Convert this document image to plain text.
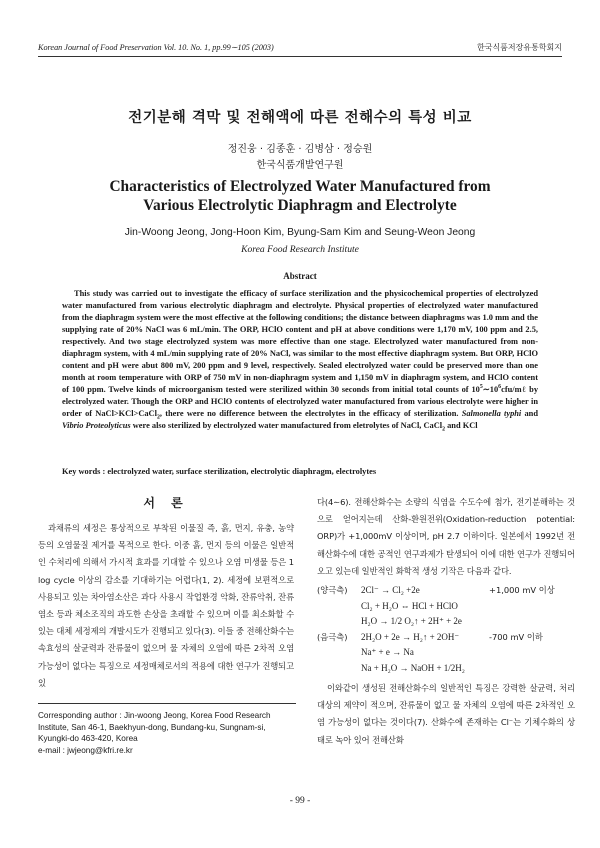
Korean Journal of Food Preservation Vol. 10. No. 1, pp.99∼105 (2003)	한국식품저장유통학회지
전기분해 격막 및 전해액에 따른 전해수의 특성 비교
정진웅 · 김종훈 · 김병삼 · 정승원
한국식품개발연구원
Characteristics of Electrolyzed Water Manufactured from
Various Electrolytic Diaphragm and Electrolyte
Jin-Woong Jeong, Jong-Hoon Kim, Byung-Sam Kim and Seung-Weon Jeong
Korea Food Research Institute
Abstract
This study was carried out to investigate the efficacy of surface sterilization and the physicochemical properties of electrolyzed water manufactured from various electrolytic diaphragm and electrolyte. Physical properties of electrolyzed water manufactured from the diaphragm system were the most effective at the following conditions; the distance between diaphragms was 1.0 mm and the supplying rate of 20% NaCl was 6 mL/min. The ORP, HClO content and pH at above conditions were 1,170 mV, 100 ppm and 2.5, respectively. And two stage electrolyzed system was more effective than one stage. Electrolyzed water manufactured from non-diaphragm system, with 4 mL/min supplying rate of 20% NaCl, was similar to the most effective diaphragm system. But ORP, HClO content and pH were abut 800 mV, 200 ppm and 9 level, respectively. Sealed electrolyzed water could be preserved more than one month at room temperature with ORP of 750 mV in non-diaphragm system and 1,150 mV in diaphragm system, and HClO content of 100 ppm. Twelve kinds of microorganism tested were sterilized within 30 seconds from initial total counts of $10^5\sim 10^6cfu/m\ell$ by electrolyzed water. Though the ORP and HClO contents of electrolyzed water manufactured from various electrolyte were higher in order of NaCl>KCl>CaCl$_2$, there were no difference between the electrolytes in the efficacy of sterilization. Salmonella typhi and Vibrio Proteolyticus were also sterilized by electrolyzed water manufactured from eletrolytes of NaCl, CaCl$_2$ and KCl
Key words : electrolyzed water, surface sterilization, electrolytic diaphragm, electrolytes
서 론

과채류의 세정은 통상적으로 부착된 이물질 즉, 흙, 먼지, 유충, 농약 등의 오염물질 제거를 목적으로 한다. 이중 흙, 먼지 등의 이물은 일반적인 수처리에 의해서 가시적 효과를 기대할 수 있으나 오염 미생물 등은 1 log cycle 이상의 감소를 기대하기는 어렵다(1, 2). 세정에 보편적으로 사용되고 있는 차아염소산은 과다 사용시 작업환경 악화, 잔류악취, 잔류염소 등과 체소조직의 과도한 손상을 초래할 수 있으며 이를 최소화할 수 있는 대체 세정제의 개발시도가 진행되고 있다(3). 이들 중 전해산화수는 속효성의 살균력과 잔류물이 없으며 물 자체의 오염에 따른 2차적 오염 가능성이 없다는 특징으로 세정매체로서의 적용에 대한 연구가 진행되고 있

다(4∼6). 전해산화수는 소량의 식염을 수도수에 첨가, 전기분해하는 것으로 얻어지는데 산화-환원전위(Oxidation-reduction potential: ORP)가 +1,000mV 이상이며, pH 2.7 이하이다. 일본에서 1992년 전해산화수에 대한 공적인 연구과제가 탄생되어 이에 대한 연구가 진행되어 오고 있는데 일반적인 화학적 생성 기작은 다음과 같다.

(양극측)	2Cl⁻ → Cl₂ +2e	+1,000 mV 이상
Cl₂ + H₂O ⇔ HCl + HClO
H₂O → 1/2 O₂↑ + 2H⁺ + 2e
(음극측)	2H₂O + 2e → H₂↑ + 2OH⁻	-700 mV 이하
Na⁺ + e → Na
Na + H₂O → NaOH + 1/2H₂

이와같이 생성된 전해산화수의 일반적인 특징은 강력한 살균력, 처리대상의 제약이 적으며, 잔류물이 없고 물 자체의 오염에 따른 2차적인 오염 가능성이 없다는 것이다(7). 산화수에 존재하는 Cl⁻는 기체수화의 상태로 녹아 있어 전해산화

Corresponding author : Jin-woong Jeong, Korea Food Research
Institute, San 46-1, Baekhyun-dong, Bundang-ku, Sungnam-si,
Kyungki-do 463-420, Korea
e-mail : jwjeong@kfri.re.kr
- 99 -
